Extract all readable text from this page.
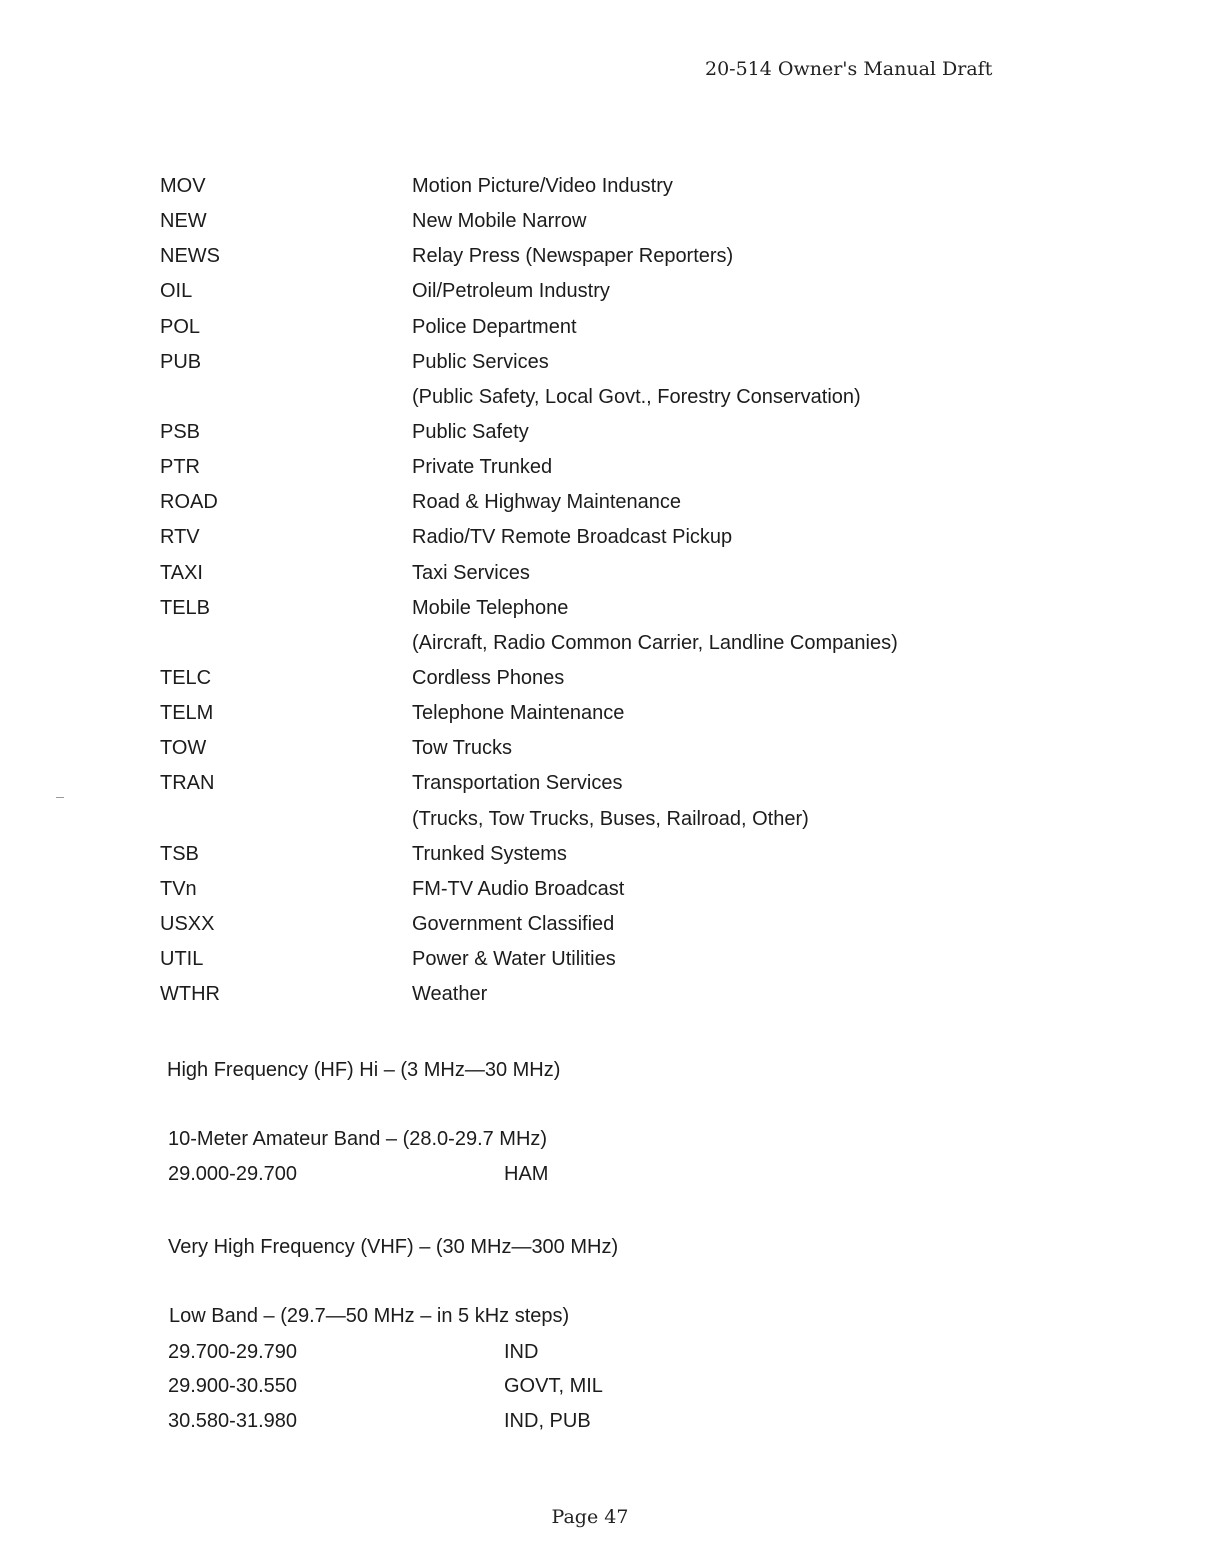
20-514 Owner's Manual Draft
MOV	Motion Picture/Video Industry
NEW	New Mobile Narrow
NEWS	Relay Press (Newspaper Reporters)
OIL	Oil/Petroleum Industry
POL	Police Department
PUB	Public Services
(Public Safety, Local Govt., Forestry Conservation)
PSB	Public Safety
PTR	Private Trunked
ROAD	Road & Highway Maintenance
RTV	Radio/TV Remote Broadcast Pickup
TAXI	Taxi Services
TELB	Mobile Telephone
(Aircraft, Radio Common Carrier, Landline Companies)
TELC	Cordless Phones
TELM	Telephone Maintenance
TOW	Tow Trucks
TRAN	Transportation Services
(Trucks, Tow Trucks, Buses, Railroad, Other)
TSB	Trunked Systems
TVn	FM-TV Audio Broadcast
USXX	Government Classified
UTIL	Power & Water Utilities
WTHR	Weather
High Frequency (HF) Hi – (3 MHz—30 MHz)
10-Meter Amateur Band – (28.0-29.7 MHz)
29.000-29.700	HAM
Very High Frequency (VHF) – (30 MHz—300 MHz)
Low Band – (29.7—50 MHz – in 5 kHz steps)
29.700-29.790	IND
29.900-30.550	GOVT, MIL
30.580-31.980	IND, PUB
Page 47
